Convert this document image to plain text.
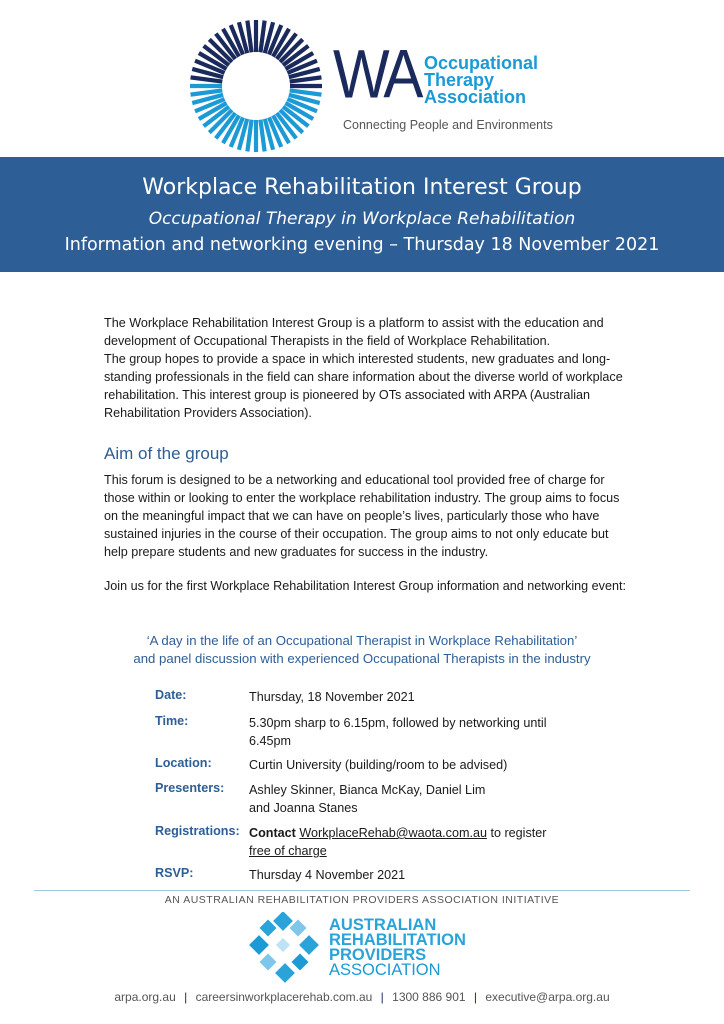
WA Occupational
Therapy
Association
Connecting People and Environments
Workplace Rehabilitation Interest Group
Occupational Therapy in Workplace Rehabilitation
Information and networking evening – Thursday 18 November 2021
The Workplace Rehabilitation Interest Group is a platform to assist with the education and development of Occupational Therapists in the field of Workplace Rehabilitation.
The group hopes to provide a space in which interested students, new graduates and long-standing professionals in the field can share information about the diverse world of workplace rehabilitation. This interest group is pioneered by OTs associated with ARPA (Australian Rehabilitation Providers Association).
Aim of the group
This forum is designed to be a networking and educational tool provided free of charge for those within or looking to enter the workplace rehabilitation industry. The group aims to focus on the meaningful impact that we can have on people’s lives, particularly those who have sustained injuries in the course of their occupation. The group aims to not only educate but help prepare students and new graduates for success in the industry.
Join us for the first Workplace Rehabilitation Interest Group information and networking event:
‘A day in the life of an Occupational Therapist in Workplace Rehabilitation’
and panel discussion with experienced Occupational Therapists in the industry
Date:	Thursday, 18 November 2021
Time:	5.30pm sharp to 6.15pm, followed by networking until 6.45pm
Location:	Curtin University (building/room to be advised)
Presenters: Ashley Skinner, Bianca McKay, Daniel Lim and Joanna Stanes
Registrations: Contact WorkplaceRehab@waota.com.au to register
free of charge
RSVP:	Thursday 4 November 2021
AN AUSTRALIAN REHABILITATION PROVIDERS ASSOCIATION INITIATIVE
AUSTRALIAN
REHABILITATION
PROVIDERS
ASSOCIATION
arpa.org.au | careersinworkplacerehab.com.au | 1300 886 901 | executive@arpa.org.au
